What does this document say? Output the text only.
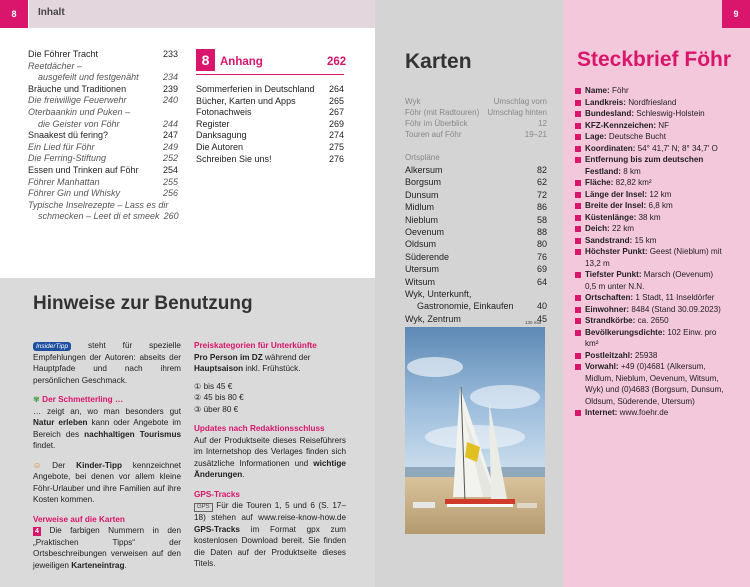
8	Inhalt
Die Föhrer Tracht	233
Reetdächer –
ausgefeilt und festgenäht	234
Bräuche und Traditionen	239
Die freiwillige Feuerwehr	240
Oterbaankin und Puken –
die Geister von Föhr	244
Snaakest dü fering?	247
Ein Lied für Föhr	249
Die Ferring-Stiftung	252
Essen und Trinken auf Föhr	254
Föhrer Manhattan	255
Föhrer Gin und Whisky	256
Typische Inselrezepte – Lass es dir
schmecken – Leet di et smeek 260
8 Anhang	262
Sommerferien in Deutschland	264
Bücher, Karten und Apps	265
Fotonachweis	267
Register	269
Danksagung	274
Die Autoren	275
Schreiben Sie uns!	276
Hinweise zur Benutzung

InsiderTipp steht für spezielle Empfehlungen der Autoren: abseits der Hauptpfade und nach ihrem persönlichen Geschmack.

✾ Der Schmetterling …
… zeigt an, wo man besonders gut Natur erleben kann oder Angebote im Bereich des nachhaltigen Tourismus findet.

☺ Der Kinder-Tipp kennzeichnet Angebote, bei denen vor allem kleine Föhr-Urlauber und ihre Familien auf ihre Kosten kommen.

Verweise auf die Karten

4 Die farbigen Nummern in den „Praktischen Tipps“ der Ortsbeschreibungen verweisen auf den jeweiligen Karteneintrag.

Preiskategorien für Unterkünfte

Pro Person im DZ während der Hauptsaison inkl. Frühstück.

① bis 45 €
② 45 bis 80 €
③ über 80 €

Updates nach Redaktionsschluss

Auf der Produktseite dieses Reiseführers im Internetshop des Verlages finden sich zusätzliche Informationen und wichtige Änderungen.

GPS-Tracks

GPS Für die Touren 1, 5 und 6 (S. 17–18) stehen auf www.reise-know-how.de GPS-Tracks im Format gpx zum kostenlosen Download bereit. Sie finden die Daten auf der Produktseite dieses Titels.

Karten
Wyk	Umschlag vorn
Föhr (mit Radtouren) Umschlag hinten
Föhr im Überblick	12
Touren auf Föhr	19–21
Ortspläne
Alkersum	82
Borgsum	62
Dunsum	72
Midlum	86
Nieblum	58
Oevenum	88
Oldsum	80
Süderende	76
Utersum	69
Witsum	64
Wyk, Unterkunft,
Gastronomie, Einkaufen	40
Wyk, Zentrum	45
130 mia
9
Steckbrief Föhr
Name: Föhr
Landkreis: Nordfriesland
Bundesland: Schleswig-Holstein
KFZ-Kennzeichen: NF
Lage: Deutsche Bucht
Koordinaten: 54° 41,7' N; 8° 34,7' O
Entfernung bis zum deutschen Festland: 8 km
Fläche: 82,82 km²
Länge der Insel: 12 km
Breite der Insel: 6,8 km
Küstenlänge: 38 km
Deich: 22 km
Sandstrand: 15 km
Höchster Punkt: Geest (Nieblum) mit 13,2 m
Tiefster Punkt: Marsch (Oevenum) 0,5 m unter N.N.
Ortschaften: 1 Stadt, 11 Inseldörfer
Einwohner: 8484 (Stand 30.09.2023)
Strandkörbe: ca. 2650
Bevölkerungsdichte: 102 Einw. pro km²
Postleitzahl: 25938
Vorwahl: +49 (0)4681 (Alkersum, Midlum, Nieblum, Oevenum, Witsum, Wyk) und (0)4683 (Borgsum, Dunsum, Oldsum, Süderende, Utersum)
Internet: www.foehr.de
